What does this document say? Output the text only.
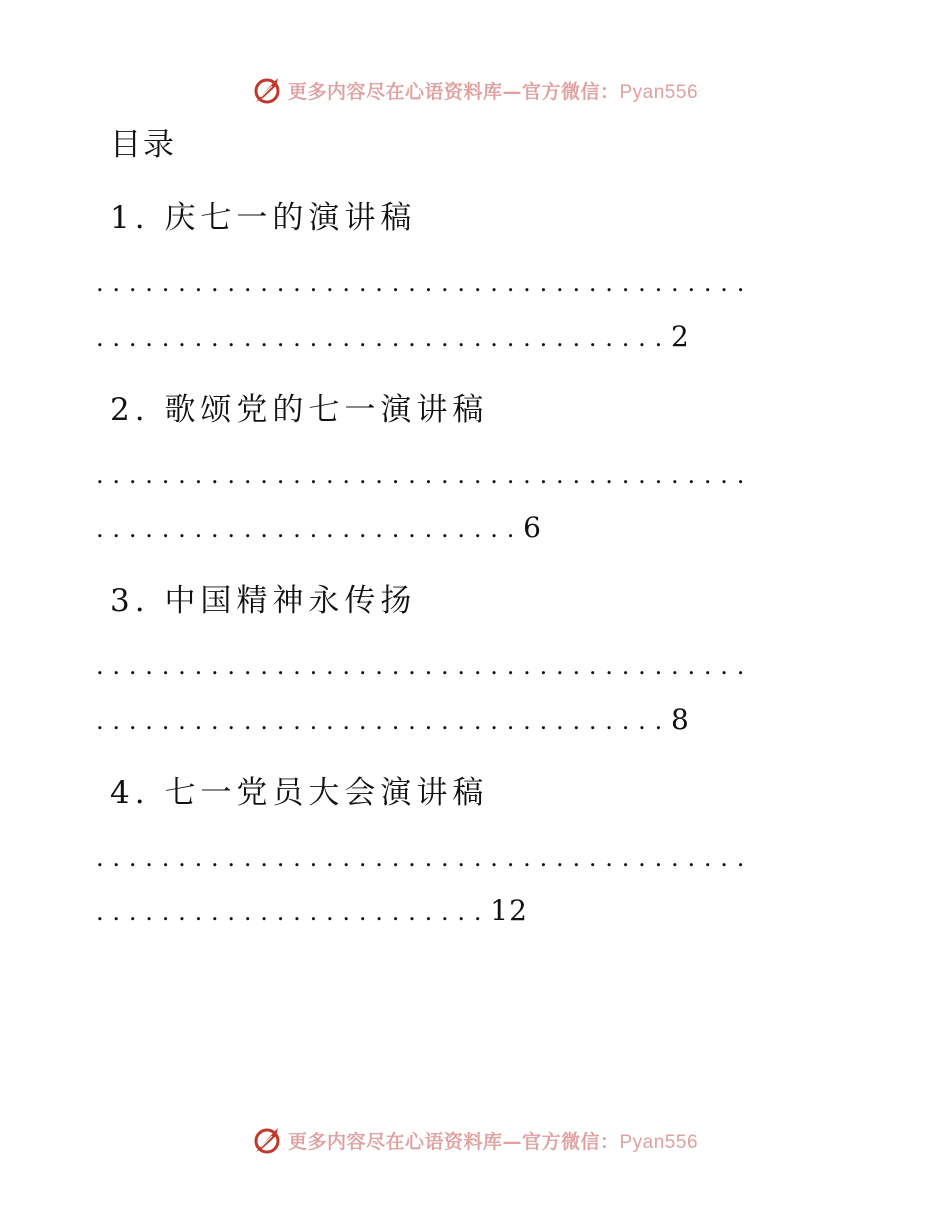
更多内容尽在心语资料库—官方微信：Pyan556
目录
1. 庆七一的演讲稿
........................................
...................................2
2. 歌颂党的七一演讲稿
........................................
..........................6
3. 中国精神永传扬
........................................
...................................8
4. 七一党员大会演讲稿
........................................
........................12
更多内容尽在心语资料库—官方微信：Pyan556
